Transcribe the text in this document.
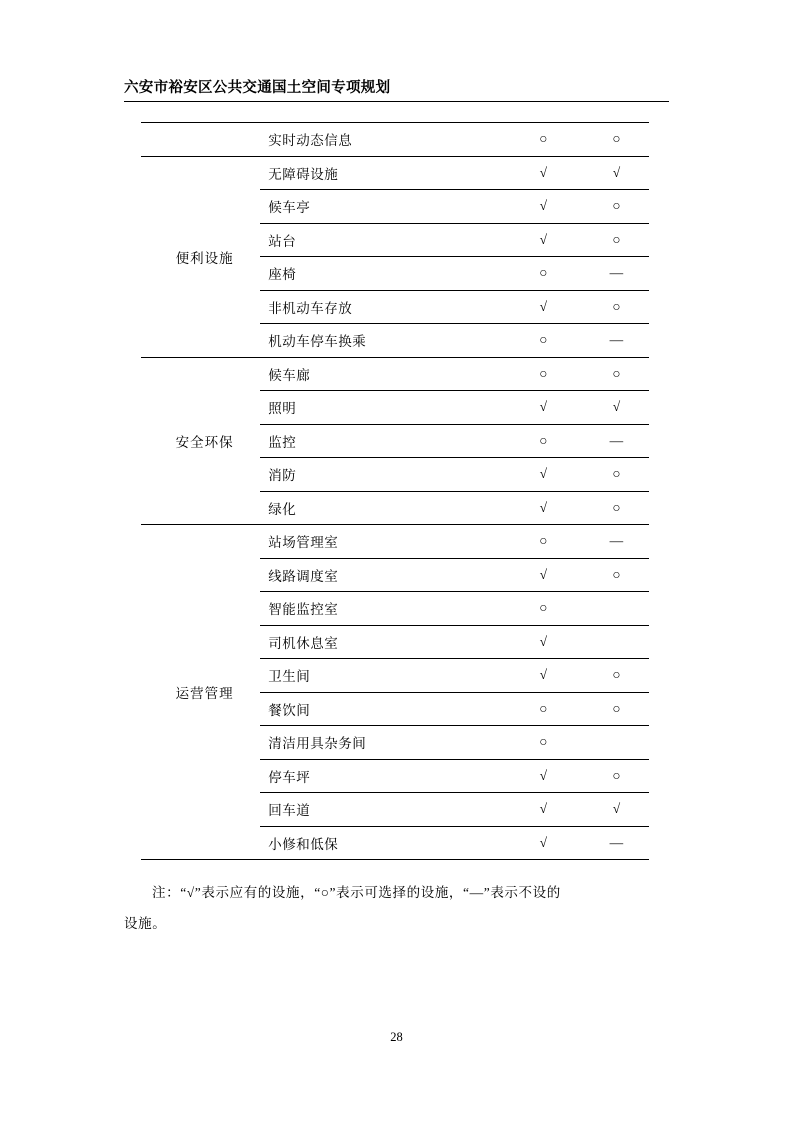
六安市裕安区公共交通国土空间专项规划
	实时动态信息	○	○
便利设施	无障碍设施	√	√
	候车亭	√	○
	站台	√	○
	座椅	○	—
	非机动车存放	√	○
	机动车停车换乘	○	—
安全环保	候车廊	○	○
	照明	√	√
	监控	○	—
	消防	√	○
	绿化	√	○
运营管理	站场管理室	○	—
	线路调度室	√	○
	智能监控室	○	
	司机休息室	√	
	卫生间	√	○
	餐饮间	○	○
	清洁用具杂务间	○	
	停车坪	√	○
	回车道	√	√
	小修和低保	√	—

注：“√”表示应有的设施，“○”表示可选择的设施，“—”表示不设的

设施。

28
